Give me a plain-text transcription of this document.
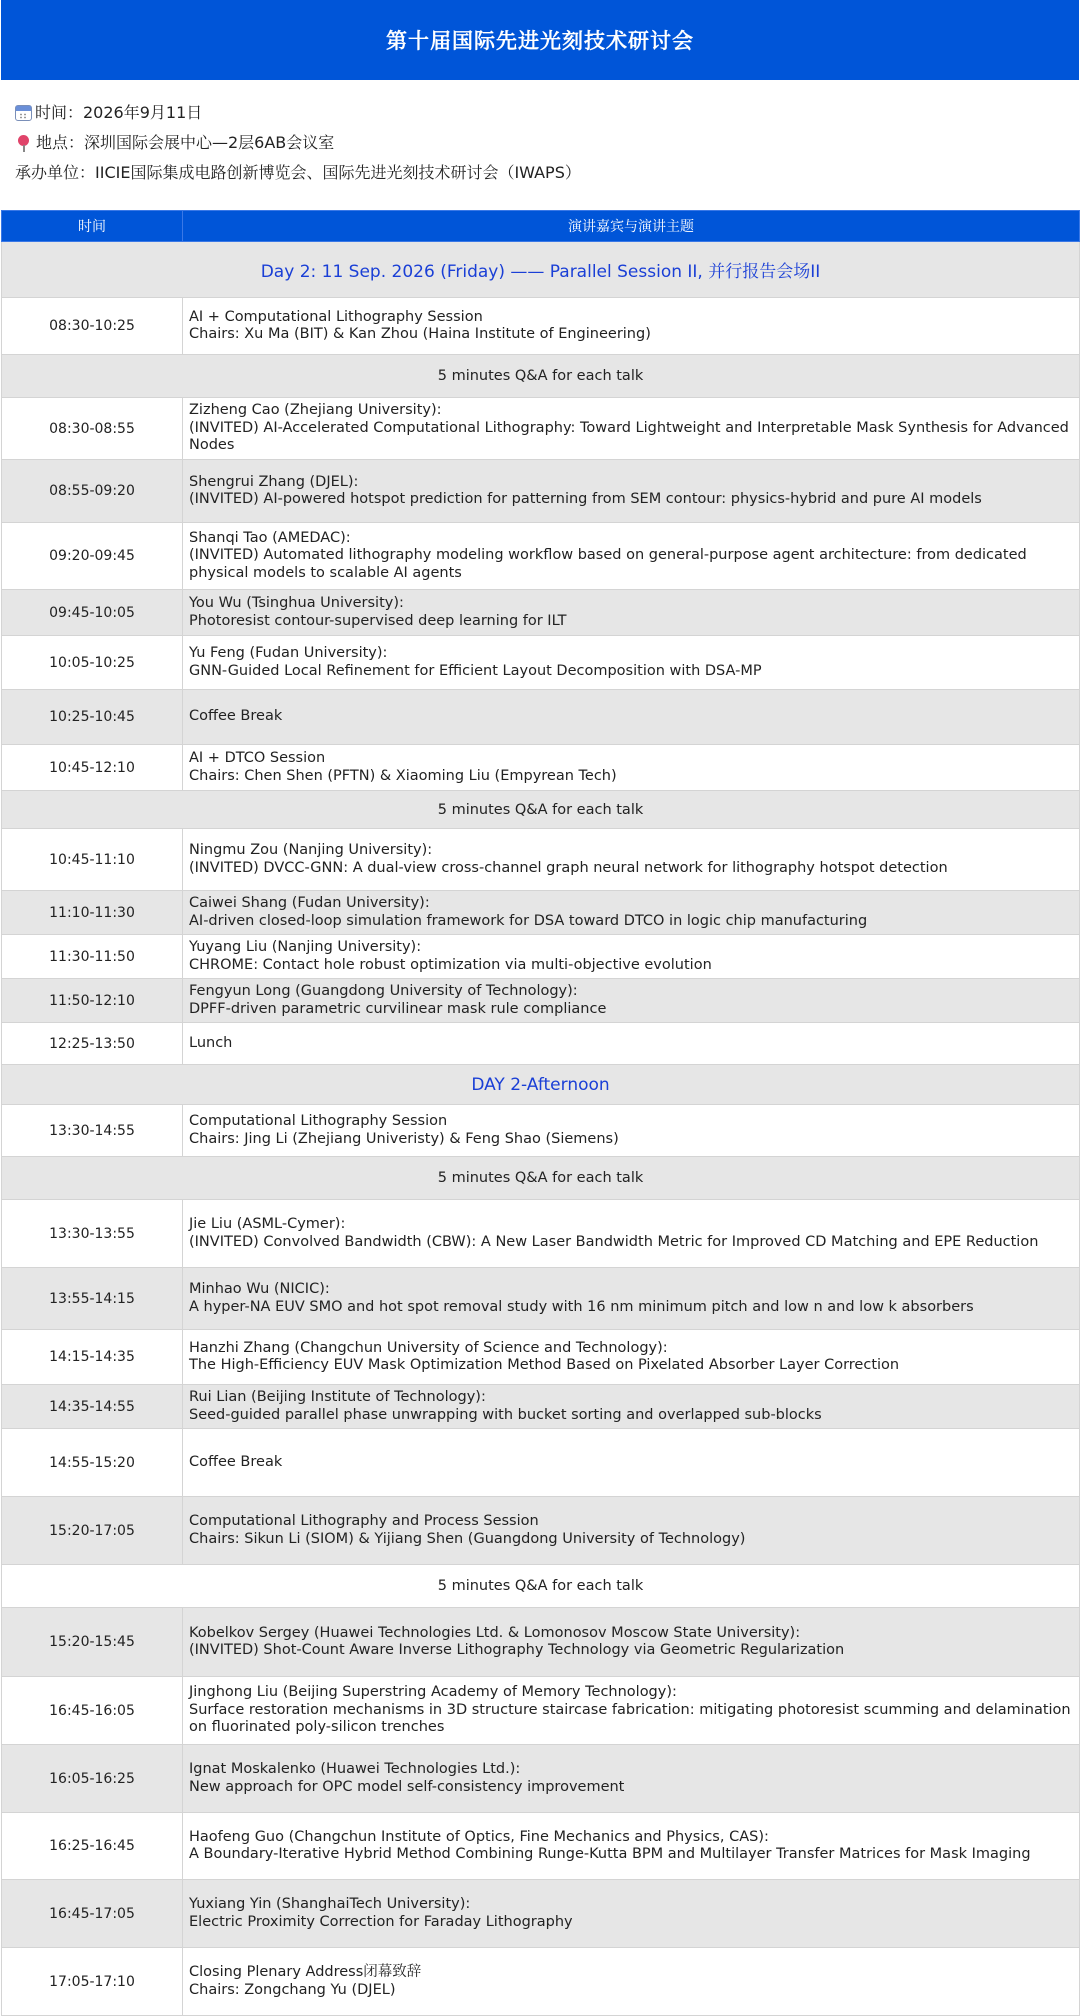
第十届国际先进光刻技术研讨会
时间：2026年9月11日
地点：深圳国际会展中心—2层6AB会议室
承办单位：IICIE国际集成电路创新博览会、国际先进光刻技术研讨会（IWAPS）
时间	演讲嘉宾与演讲主题
Day 2: 11 Sep. 2026 (Friday) —— Parallel Session II, 并行报告会场II	
08:30-10:25	AI + Computational Lithography Session
Chairs: Xu Ma (BIT) & Kan Zhou (Haina Institute of Engineering)

5 minutes Q&A for each talk	
08:30-08:55	Zizheng Cao (Zhejiang University):
(INVITED) AI-Accelerated Computational Lithography: Toward Lightweight and Interpretable Mask Synthesis for Advanced Nodes

08:55-09:20	Shengrui Zhang (DJEL):
(INVITED) AI-powered hotspot prediction for patterning from SEM contour: physics-hybrid and pure AI models

09:20-09:45	Shanqi Tao (AMEDAC):
(INVITED) Automated lithography modeling workflow based on general-purpose agent architecture: from dedicated physical models to scalable AI agents

09:45-10:05	You Wu (Tsinghua University):
Photoresist contour-supervised deep learning for ILT

10:05-10:25	Yu Feng (Fudan University):
GNN-Guided Local Refinement for Efficient Layout Decomposition with DSA-MP

10:25-10:45	Coffee Break

10:45-12:10	AI + DTCO Session
Chairs: Chen Shen (PFTN) & Xiaoming Liu (Empyrean Tech)

5 minutes Q&A for each talk	
10:45-11:10	Ningmu Zou (Nanjing University):
(INVITED) DVCC-GNN: A dual-view cross-channel graph neural network for lithography hotspot detection

11:10-11:30	Caiwei Shang (Fudan University):
AI-driven closed-loop simulation framework for DSA toward DTCO in logic chip manufacturing

11:30-11:50	Yuyang Liu (Nanjing University):
CHROME: Contact hole robust optimization via multi-objective evolution

11:50-12:10	Fengyun Long (Guangdong University of Technology):
DPFF-driven parametric curvilinear mask rule compliance

12:25-13:50	Lunch

DAY 2-Afternoon	
13:30-14:55	Computational Lithography Session
Chairs: Jing Li (Zhejiang Univeristy) & Feng Shao (Siemens)

5 minutes Q&A for each talk	
13:30-13:55	Jie Liu (ASML-Cymer):
(INVITED) Convolved Bandwidth (CBW): A New Laser Bandwidth Metric for Improved CD Matching and EPE Reduction

13:55-14:15	Minhao Wu (NICIC):
A hyper-NA EUV SMO and hot spot removal study with 16 nm minimum pitch and low n and low k absorbers

14:15-14:35	Hanzhi Zhang (Changchun University of Science and Technology):
The High-Efficiency EUV Mask Optimization Method Based on Pixelated Absorber Layer Correction

14:35-14:55	Rui Lian (Beijing Institute of Technology):
Seed-guided parallel phase unwrapping with bucket sorting and overlapped sub-blocks

14:55-15:20	Coffee Break

15:20-17:05	Computational Lithography and Process Session
Chairs: Sikun Li (SIOM) & Yijiang Shen (Guangdong University of Technology)

5 minutes Q&A for each talk	
15:20-15:45	Kobelkov Sergey (Huawei Technologies Ltd. & Lomonosov Moscow State University):
(INVITED) Shot-Count Aware Inverse Lithography Technology via Geometric Regularization

16:45-16:05	Jinghong Liu (Beijing Superstring Academy of Memory Technology):
Surface restoration mechanisms in 3D structure staircase fabrication: mitigating photoresist scumming and delamination on fluorinated poly-silicon trenches

16:05-16:25	Ignat Moskalenko (Huawei Technologies Ltd.):
New approach for OPC model self-consistency improvement

16:25-16:45	Haofeng Guo (Changchun Institute of Optics, Fine Mechanics and Physics, CAS):
A Boundary-Iterative Hybrid Method Combining Runge-Kutta BPM and Multilayer Transfer Matrices for Mask Imaging

16:45-17:05	Yuxiang Yin (ShanghaiTech University):
Electric Proximity Correction for Faraday Lithography

17:05-17:10	Closing Plenary Address闭幕致辞
Chairs: Zongchang Yu (DJEL)
